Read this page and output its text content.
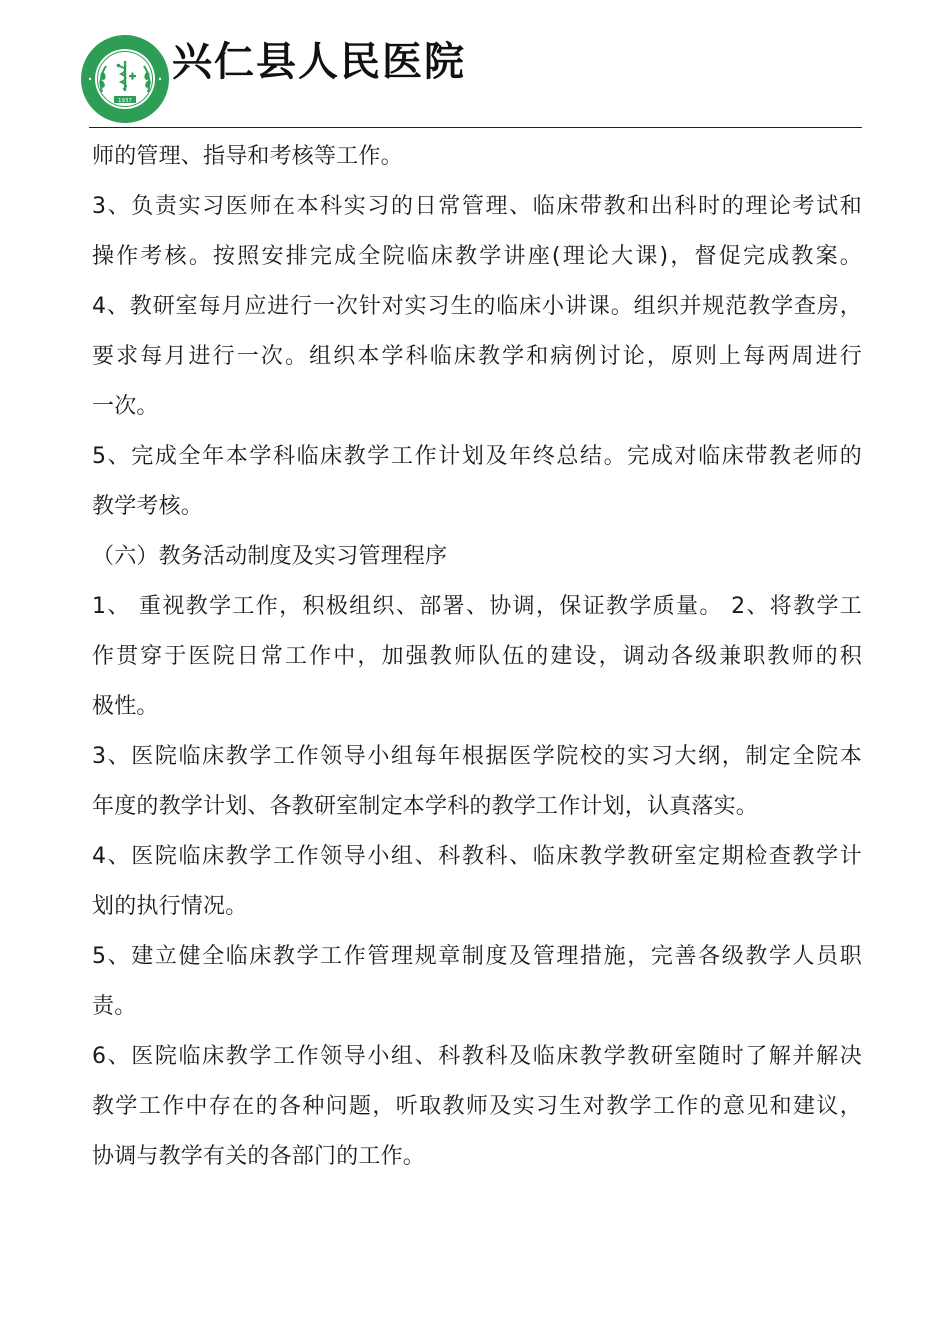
1937
兴仁县人民医院
师的管理、指导和考核等工作。
3、负责实习医师在本科实习的日常管理、临床带教和出科时的理论考试和
操作考核。按照安排完成全院临床教学讲座(理论大课)，督促完成教案。
4、教研室每月应进行一次针对实习生的临床小讲课。组织并规范教学查房，
要求每月进行一次。组织本学科临床教学和病例讨论，原则上每两周进行
一次。
5、完成全年本学科临床教学工作计划及年终总结。完成对临床带教老师的
教学考核。
（六）教务活动制度及实习管理程序
1、 重视教学工作，积极组织、部署、协调，保证教学质量。 2、将教学工
作贯穿于医院日常工作中，加强教师队伍的建设，调动各级兼职教师的积
极性。
3、医院临床教学工作领导小组每年根据医学院校的实习大纲，制定全院本
年度的教学计划、各教研室制定本学科的教学工作计划，认真落实。
4、医院临床教学工作领导小组、科教科、临床教学教研室定期检查教学计
划的执行情况。
5、建立健全临床教学工作管理规章制度及管理措施，完善各级教学人员职
责。
6、医院临床教学工作领导小组、科教科及临床教学教研室随时了解并解决
教学工作中存在的各种问题，听取教师及实习生对教学工作的意见和建议，
协调与教学有关的各部门的工作。
